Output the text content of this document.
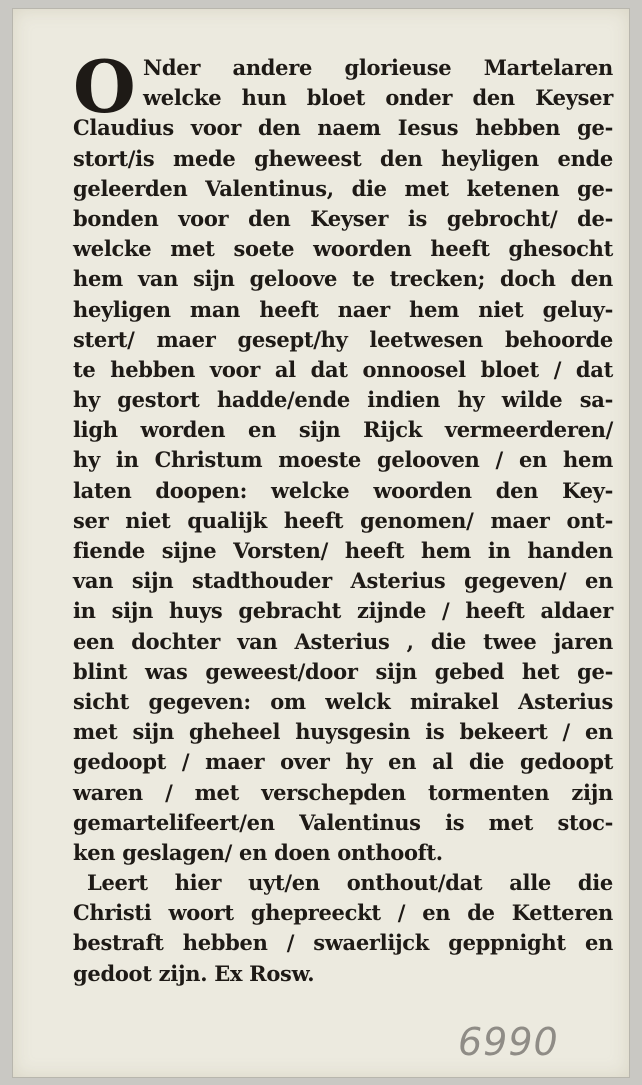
O Nder andere glorieuse Martelaren
welcke hun bloet onder den Keyser
Claudius voor den naem Iesus hebben ge-
stort/is mede gheweest den heyligen ende
geleerden Valentinus, die met ketenen ge-
bonden voor den Keyser is gebrocht/ de-
welcke met soete woorden heeft ghesocht
hem van sijn geloove te trecken; doch den
heyligen man heeft naer hem niet geluy-
stert/ maer gesept/hy leetwesen behoorde
te hebben voor al dat onnoosel bloet / dat
hy gestort hadde/ende indien hy wilde sa-
ligh worden en sijn Rijck vermeerderen/
hy in Christum moeste gelooven / en hem
laten doopen: welcke woorden den Key-
ser niet qualijk heeft genomen/ maer ont-
fiende sijne Vorsten/ heeft hem in handen
van sijn stadthouder Asterius gegeven/ en
in sijn huys gebracht zijnde / heeft aldaer
een dochter van Asterius , die twee jaren
blint was geweest/door sijn gebed het ge-
sicht gegeven: om welck mirakel Asterius
met sijn gheheel huysgesin is bekeert / en
gedoopt / maer over hy en al die gedoopt
waren / met verschepden tormenten zijn
gemartelifeert/en Valentinus is met stoc-
ken geslagen/ en doen onthooft.
Leert hier uyt/en onthout/dat alle die
Christi woort ghepreeckt / en de Ketteren
bestraft hebben / swaerlijck geppnight en
gedoot zijn. Ex Rosw.
6990
